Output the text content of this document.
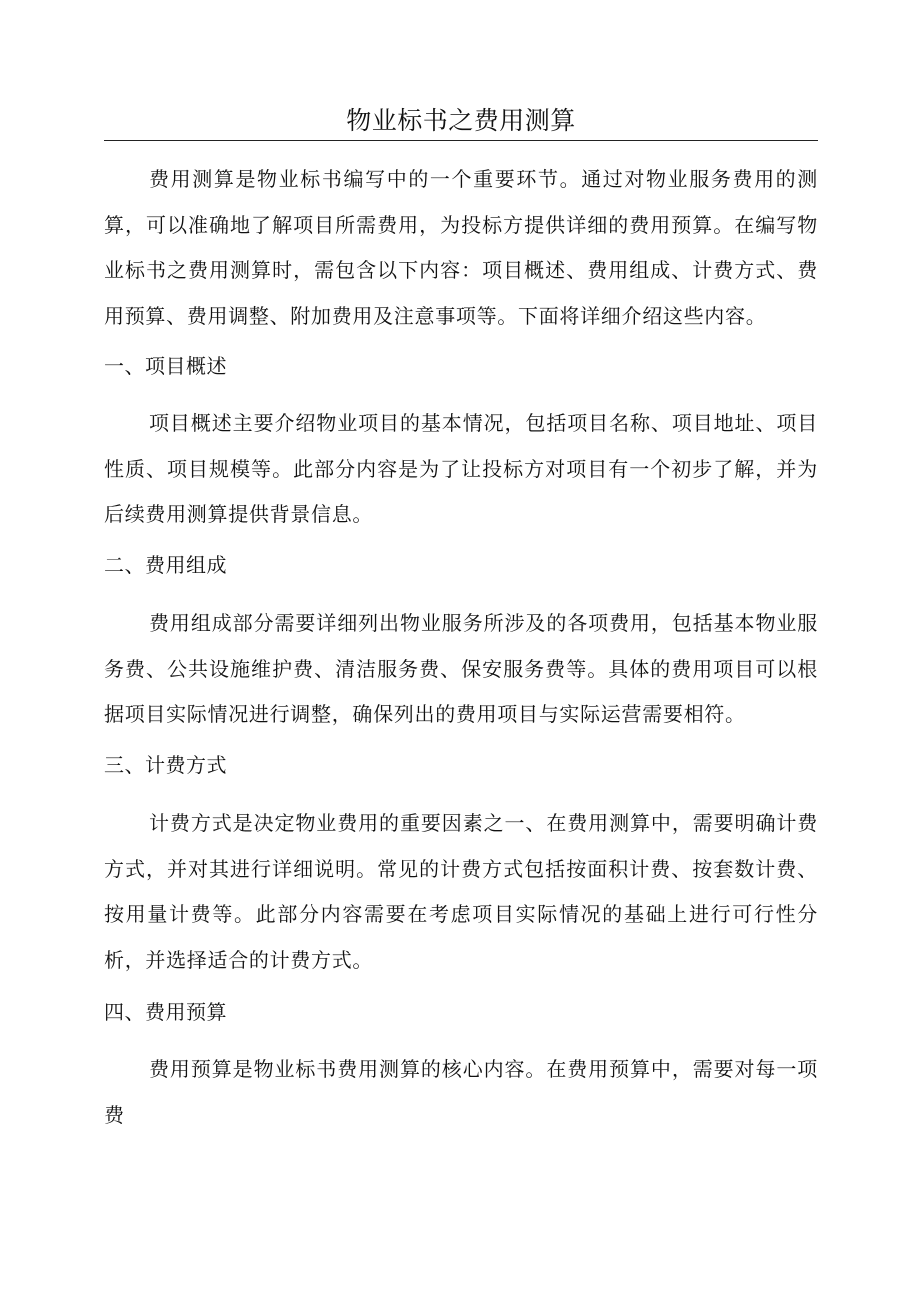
物业标书之费用测算

费用测算是物业标书编写中的一个重要环节。通过对物业服务费用的测算，可以准确地了解项目所需费用，为投标方提供详细的费用预算。在编写物业标书之费用测算时，需包含以下内容：项目概述、费用组成、计费方式、费用预算、费用调整、附加费用及注意事项等。下面将详细介绍这些内容。

一、项目概述

项目概述主要介绍物业项目的基本情况，包括项目名称、项目地址、项目性质、项目规模等。此部分内容是为了让投标方对项目有一个初步了解，并为后续费用测算提供背景信息。

二、费用组成

费用组成部分需要详细列出物业服务所涉及的各项费用，包括基本物业服务费、公共设施维护费、清洁服务费、保安服务费等。具体的费用项目可以根据项目实际情况进行调整，确保列出的费用项目与实际运营需要相符。

三、计费方式

计费方式是决定物业费用的重要因素之一、在费用测算中，需要明确计费方式，并对其进行详细说明。常见的计费方式包括按面积计费、按套数计费、按用量计费等。此部分内容需要在考虑项目实际情况的基础上进行可行性分析，并选择适合的计费方式。

四、费用预算

费用预算是物业标书费用测算的核心内容。在费用预算中，需要对每一项费
